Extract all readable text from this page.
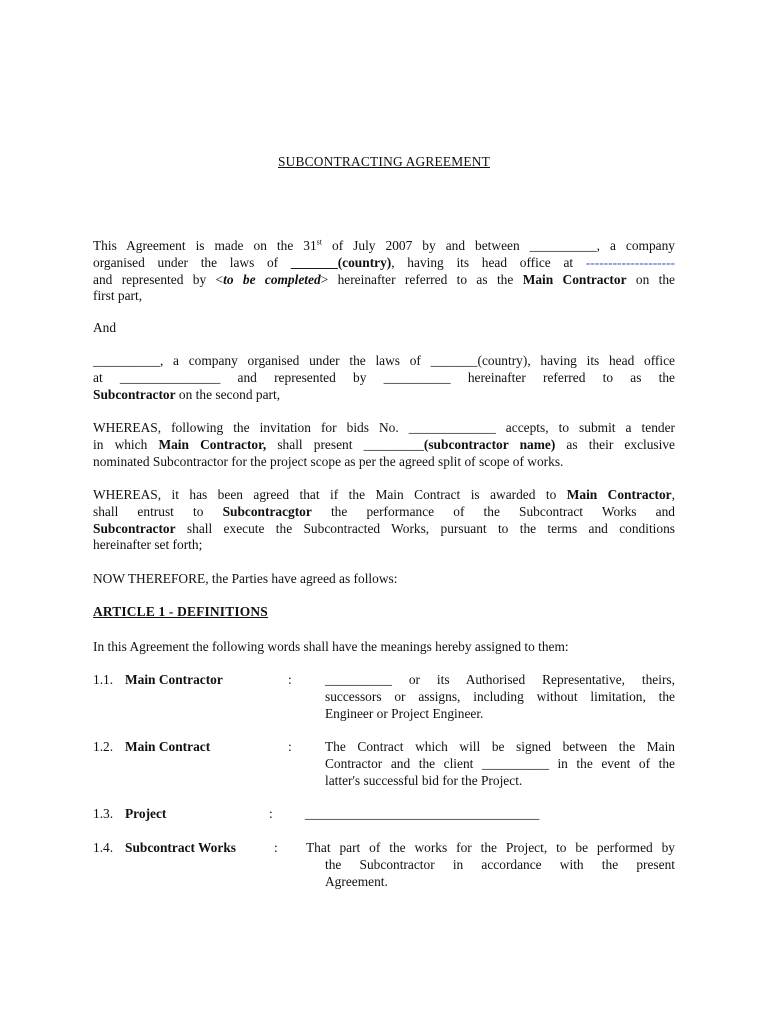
SUBCONTRACTING AGREEMENT
This Agreement is made on the 31st of July 2007 by and between __________, a company
organised under the laws of _______(country), having its head office at --------------------
and represented by <to be completed> hereinafter referred to as the Main Contractor on the
first part,
And
__________, a company organised under the laws of _______(country), having its head office
at _______________ and represented by __________ hereinafter referred to as the
Subcontractor on the second part,
WHEREAS, following the invitation for bids No. _____________ accepts, to submit a tender
in which Main Contractor, shall present _________(subcontractor name) as their exclusive
nominated Subcontractor for the project scope as per the agreed split of scope of works.
WHEREAS, it has been agreed that if the Main Contract is awarded to Main Contractor,
shall entrust to Subcontracgtor the performance of the Subcontract Works and
Subcontractor shall execute the Subcontracted Works, pursuant to the terms and conditions
hereinafter set forth;
NOW THEREFORE, the Parties have agreed as follows:
ARTICLE 1 - DEFINITIONS
In this Agreement the following words shall have the meanings hereby assigned to them:
1.1. Main Contractor	: __________ or its Authorised Representative, theirs,
successors or assigns, including without limitation, the
Engineer or Project Engineer.
1.2. Main Contract	: The Contract which will be signed between the Main
Contractor and the client __________ in the event of the
latter's successful bid for the Project.
1.3. Project	: ___________________________________
1.4. Subcontract Works	: That part of the works for the Project, to be performed by
the Subcontractor in accordance with the present
Agreement.
